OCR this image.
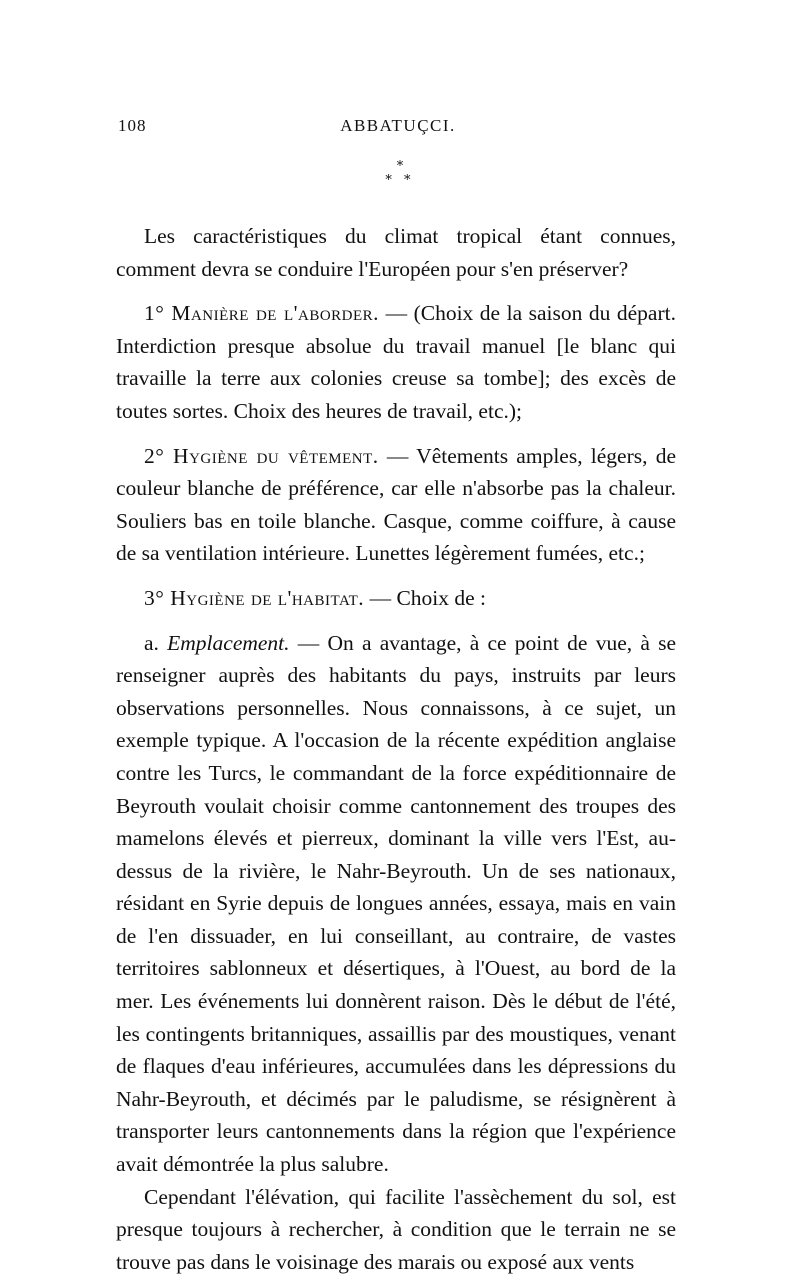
108	ABBATUÇCI.
*
* *

Les caractéristiques du climat tropical étant connues, comment devra se conduire l'Européen pour s'en préserver?

1° Manière de l'aborder. — (Choix de la saison du départ. Interdiction presque absolue du travail manuel [le blanc qui travaille la terre aux colonies creuse sa tombe]; des excès de toutes sortes. Choix des heures de travail, etc.);

2° Hygiène du vêtement. — Vêtements amples, légers, de couleur blanche de préférence, car elle n'absorbe pas la chaleur. Souliers bas en toile blanche. Casque, comme coiffure, à cause de sa ventilation intérieure. Lunettes légèrement fumées, etc.;

3° Hygiène de l'habitat. — Choix de :

a. Emplacement. — On a avantage, à ce point de vue, à se renseigner auprès des habitants du pays, instruits par leurs observations personnelles. Nous connaissons, à ce sujet, un exemple typique. A l'occasion de la récente expédition anglaise contre les Turcs, le commandant de la force expéditionnaire de Beyrouth voulait choisir comme cantonnement des troupes des mamelons élevés et pierreux, dominant la ville vers l'Est, au-dessus de la rivière, le Nahr-Beyrouth. Un de ses nationaux, résidant en Syrie depuis de longues années, essaya, mais en vain de l'en dissuader, en lui conseillant, au contraire, de vastes territoires sablonneux et désertiques, à l'Ouest, au bord de la mer. Les événements lui donnèrent raison. Dès le début de l'été, les contingents britanniques, assaillis par des moustiques, venant de flaques d'eau inférieures, accumulées dans les dépressions du Nahr-Beyrouth, et décimés par le paludisme, se résignèrent à transporter leurs cantonnements dans la région que l'expérience avait démontrée la plus salubre.

Cependant l'élévation, qui facilite l'assèchement du sol, est presque toujours à rechercher, à condition que le terrain ne se trouve pas dans le voisinage des marais ou exposé aux vents
